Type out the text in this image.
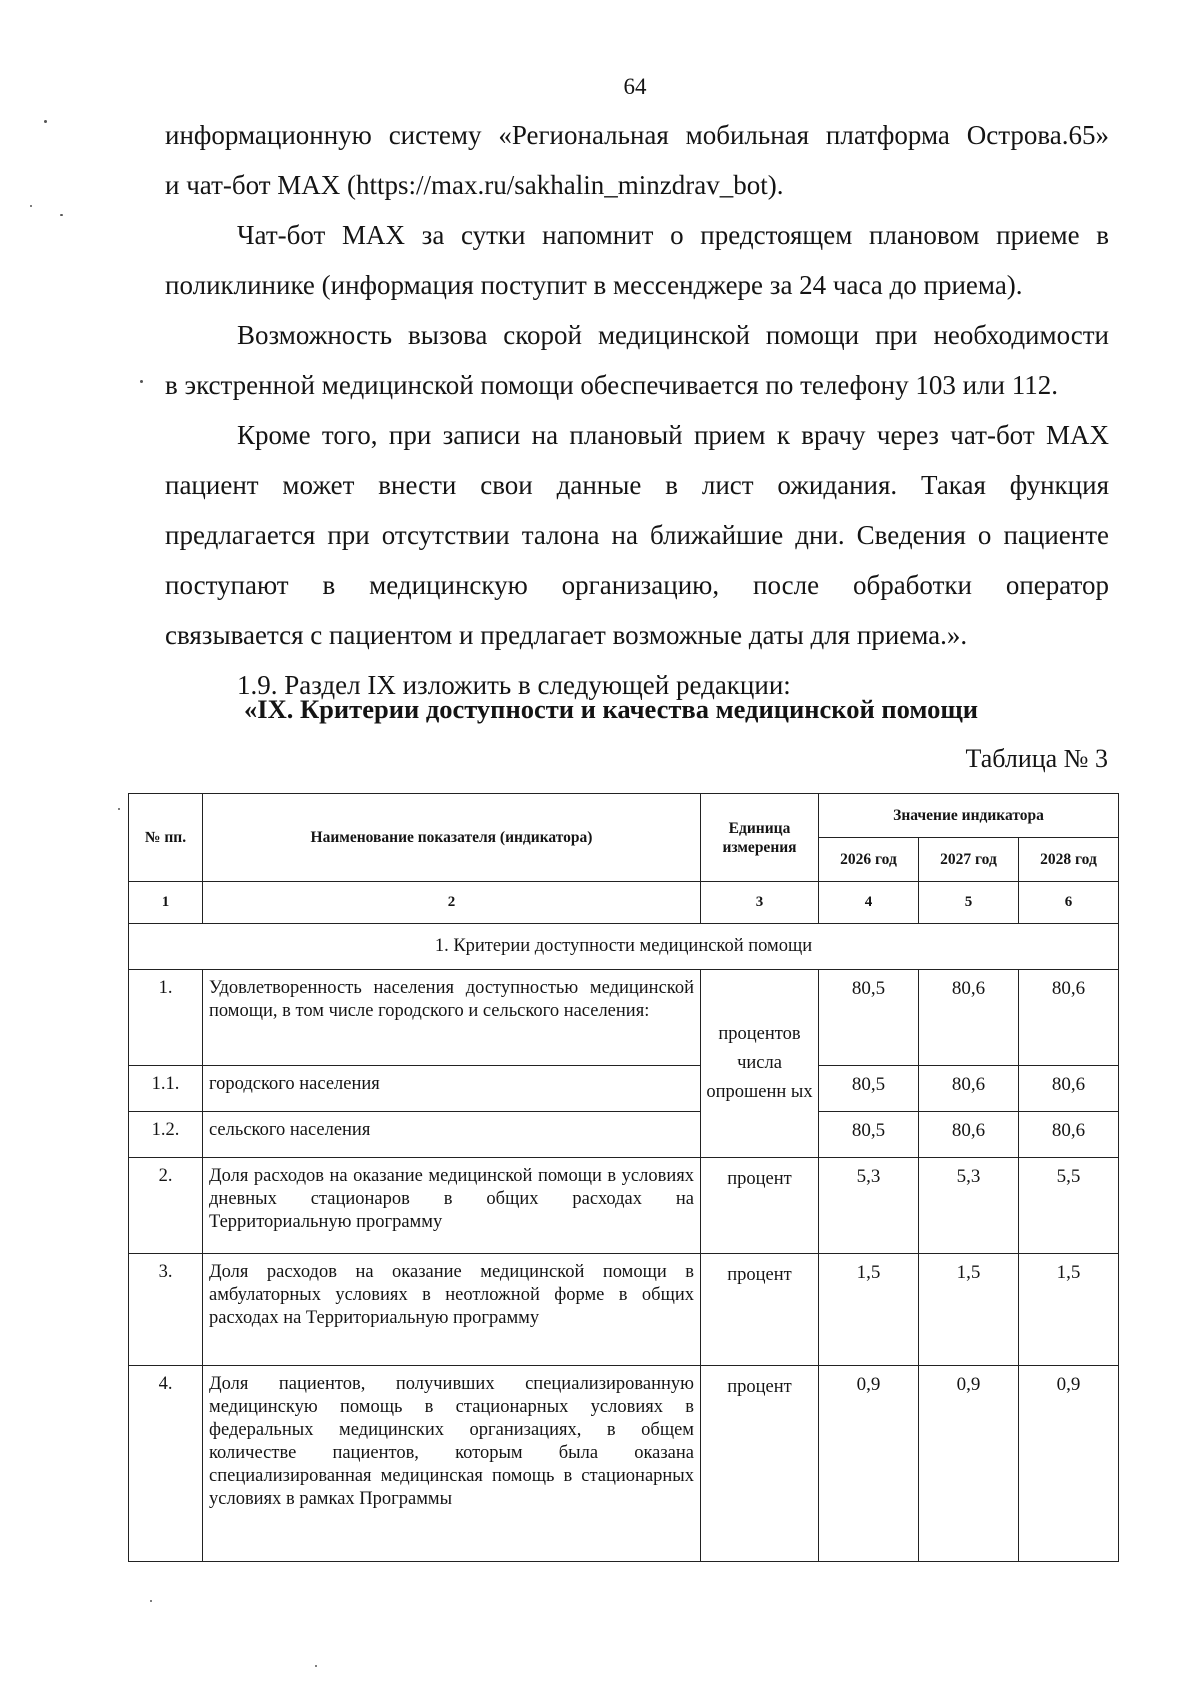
64

информационную систему «Региональная мобильная платформа Острова.65»

и чат-бот MAX (https://max.ru/sakhalin_minzdrav_bot).

Чат-бот MAX за сутки напомнит о предстоящем плановом приеме в

поликлинике (информация поступит в мессенджере за 24 часа до приема).

Возможность вызова скорой медицинской помощи при необходимости

в экстренной медицинской помощи обеспечивается по телефону 103 или 112.

Кроме того, при записи на плановый прием к врачу через чат-бот MAX

пациент может внести свои данные в лист ожидания. Такая функция

предлагается при отсутствии талона на ближайшие дни. Сведения о пациенте

поступают в медицинскую организацию, после обработки оператор

связывается с пациентом и предлагает возможные даты для приема.».

1.9. Раздел IX изложить в следующей редакции:

«IX. Критерии доступности и качества медицинской помощи
Таблица № 3
№ пп.	Наименование показателя (индикатора)	Единица измерения	Значение индикатора		
			2026 год	2027 год	2028 год
1	2	3	4	5	6
1. Критерии доступности медицинской помощи					
1.	Удовлетворенность населения доступностью медицинской помощи, в том числе городского и сельского населения:	процентов числа опрошенн ых	80,5	80,6	80,6
1.1.	городского населения		80,5	80,6	80,6
1.2.	сельского населения		80,5	80,6	80,6
2.	Доля расходов на оказание медицинской помощи в условиях дневных стационаров в общих расходах на Территориальную программу	процент	5,3	5,3	5,5
3.	Доля расходов на оказание медицинской помощи в амбулаторных условиях в неотложной форме в общих расходах на Территориальную программу	процент	1,5	1,5	1,5
4.	Доля пациентов, получивших специализированную медицинскую помощь в стационарных условиях в федеральных медицинских организациях, в общем количестве пациентов, которым была оказана специализированная медицинская помощь в стационарных условиях в рамках Программы	процент	0,9	0,9	0,9
